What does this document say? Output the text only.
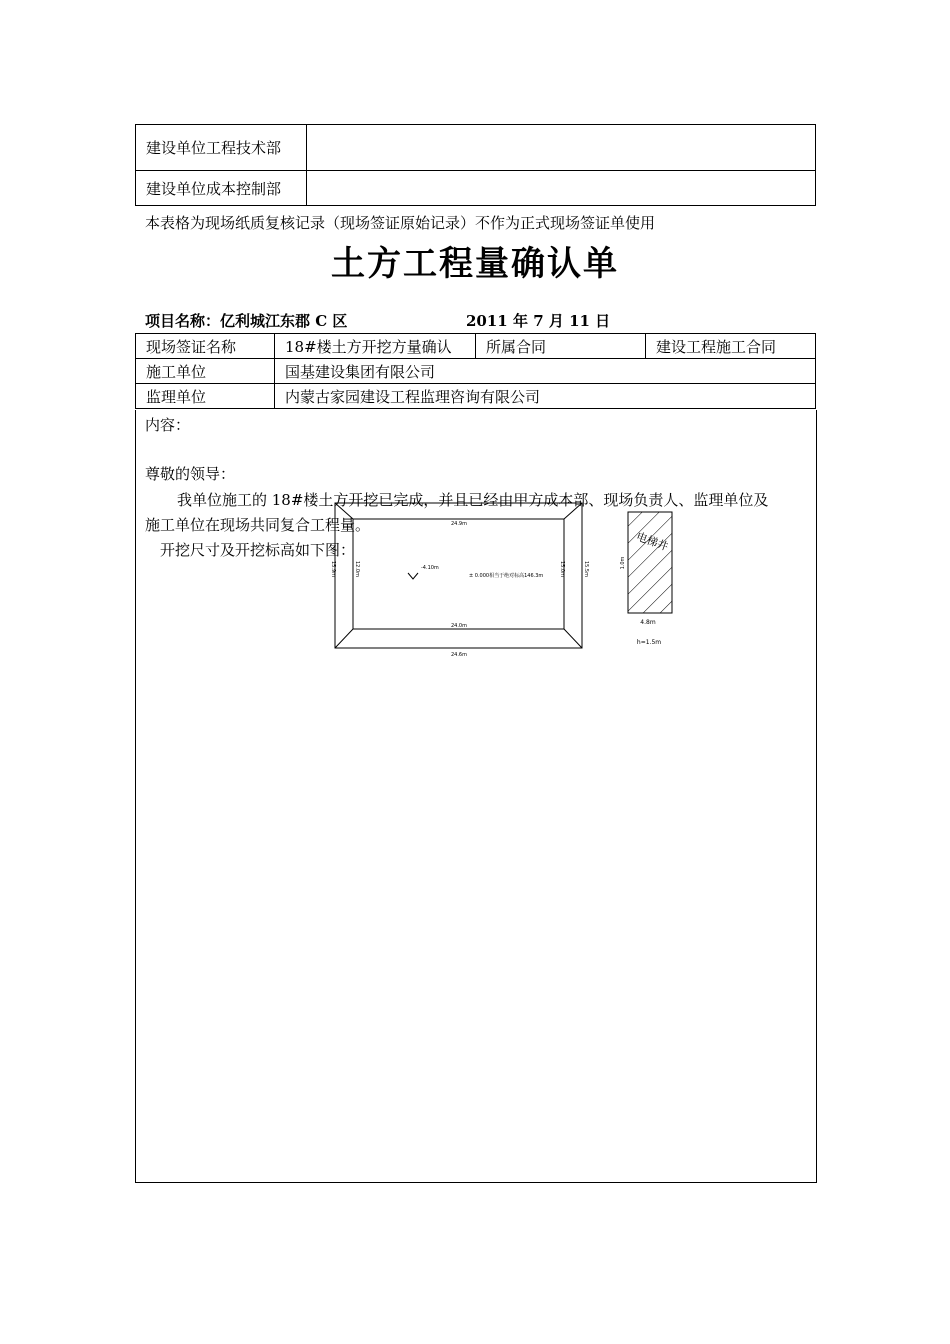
建设单位工程技术部	
建设单位成本控制部	
本表格为现场纸质复核记录（现场签证原始记录）不作为正式现场签证单使用
土方工程量确认单
项目名称：亿利城江东郡 C 区	2011 年 7 月 11 日
现场签证名称	18#楼土方开挖方量确认	所属合同	建设工程施工合同
施工单位	国基建设集团有限公司		
监理单位	内蒙古家园建设工程监理咨询有限公司		
内容：
尊敬的领导：
我单位施工的 18#楼土方开挖已完成，并且已经由甲方成本部、现场负责人、监理单位及
施工单位在现场共同复合工程量。
开挖尺寸及开挖标高如下图：
24.9m
24.0m
24.6m
15.9m	12.0m	15.0m	15.5m
-4.10m
± 0.000相当于绝对标高146.3m
电梯井
1.0m
4.8m
h=1.5m
